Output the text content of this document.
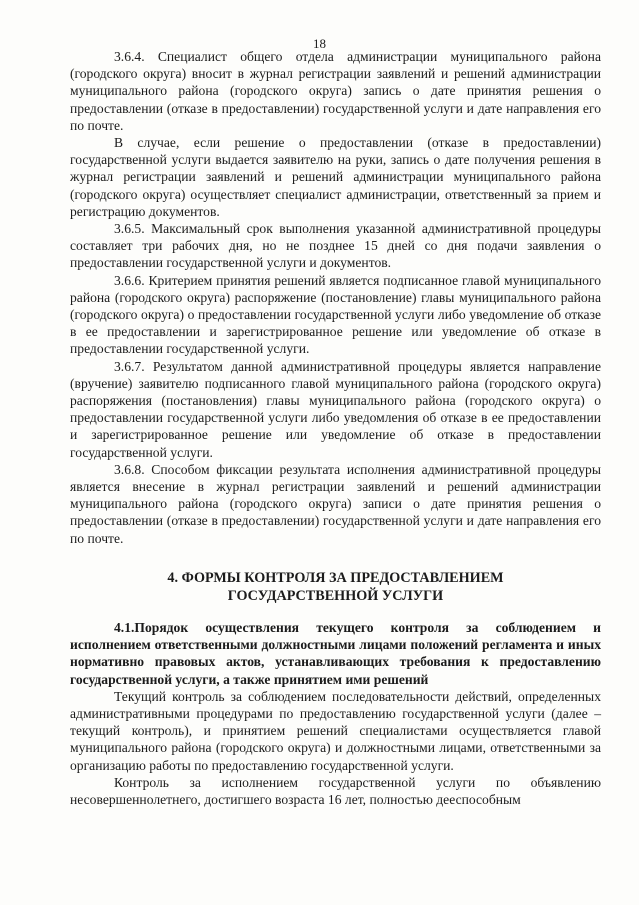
18

3.6.4. Специалист общего отдела администрации муниципального района (городского округа) вносит в журнал регистрации заявлений и решений администрации муниципального района (городского округа) запись о дате принятия решения о предоставлении (отказе в предоставлении) государственной услуги и дате направления его по почте.

В случае, если решение о предоставлении (отказе в предоставлении) государственной услуги выдается заявителю на руки, запись о дате получения решения в журнал регистрации заявлений и решений администрации муниципального района (городского округа) осуществляет специалист администрации, ответственный за прием и регистрацию документов.

3.6.5. Максимальный срок выполнения указанной административной процедуры составляет три рабочих дня, но не позднее 15 дней со дня подачи заявления о предоставлении государственной услуги и документов.

3.6.6. Критерием принятия решений является подписанное главой муниципального района (городского округа) распоряжение (постановление) главы муниципального района (городского округа) о предоставлении государственной услуги либо уведомление об отказе в ее предоставлении и зарегистрированное решение или уведомление об отказе в предоставлении государственной услуги.

3.6.7. Результатом данной административной процедуры является направление (вручение) заявителю подписанного главой муниципального района (городского округа) распоряжения (постановления) главы муниципального района (городского округа) о предоставлении государственной услуги либо уведомления об отказе в ее предоставлении и зарегистрированное решение или уведомление об отказе в предоставлении государственной услуги.

3.6.8. Способом фиксации результата исполнения административной процедуры является внесение в журнал регистрации заявлений и решений администрации муниципального района (городского округа) записи о дате принятия решения о предоставлении (отказе в предоставлении) государственной услуги и дате направления его по почте.

4. ФОРМЫ КОНТРОЛЯ ЗА ПРЕДОСТАВЛЕНИЕМ
ГОСУДАРСТВЕННОЙ УСЛУГИ

4.1.Порядок осуществления текущего контроля за соблюдением и исполнением ответственными должностными лицами положений регламента и иных нормативно правовых актов, устанавливающих требования к предоставлению государственной услуги, а также принятием ими решений

Текущий контроль за соблюдением последовательности действий, определенных административными процедурами по предоставлению государственной услуги (далее – текущий контроль), и принятием решений специалистами осуществляется главой муниципального района (городского округа) и должностными лицами, ответственными за организацию работы по предоставлению государственной услуги.

Контроль за исполнением государственной услуги по объявлению несовершеннолетнего, достигшего возраста 16 лет, полностью дееспособным
